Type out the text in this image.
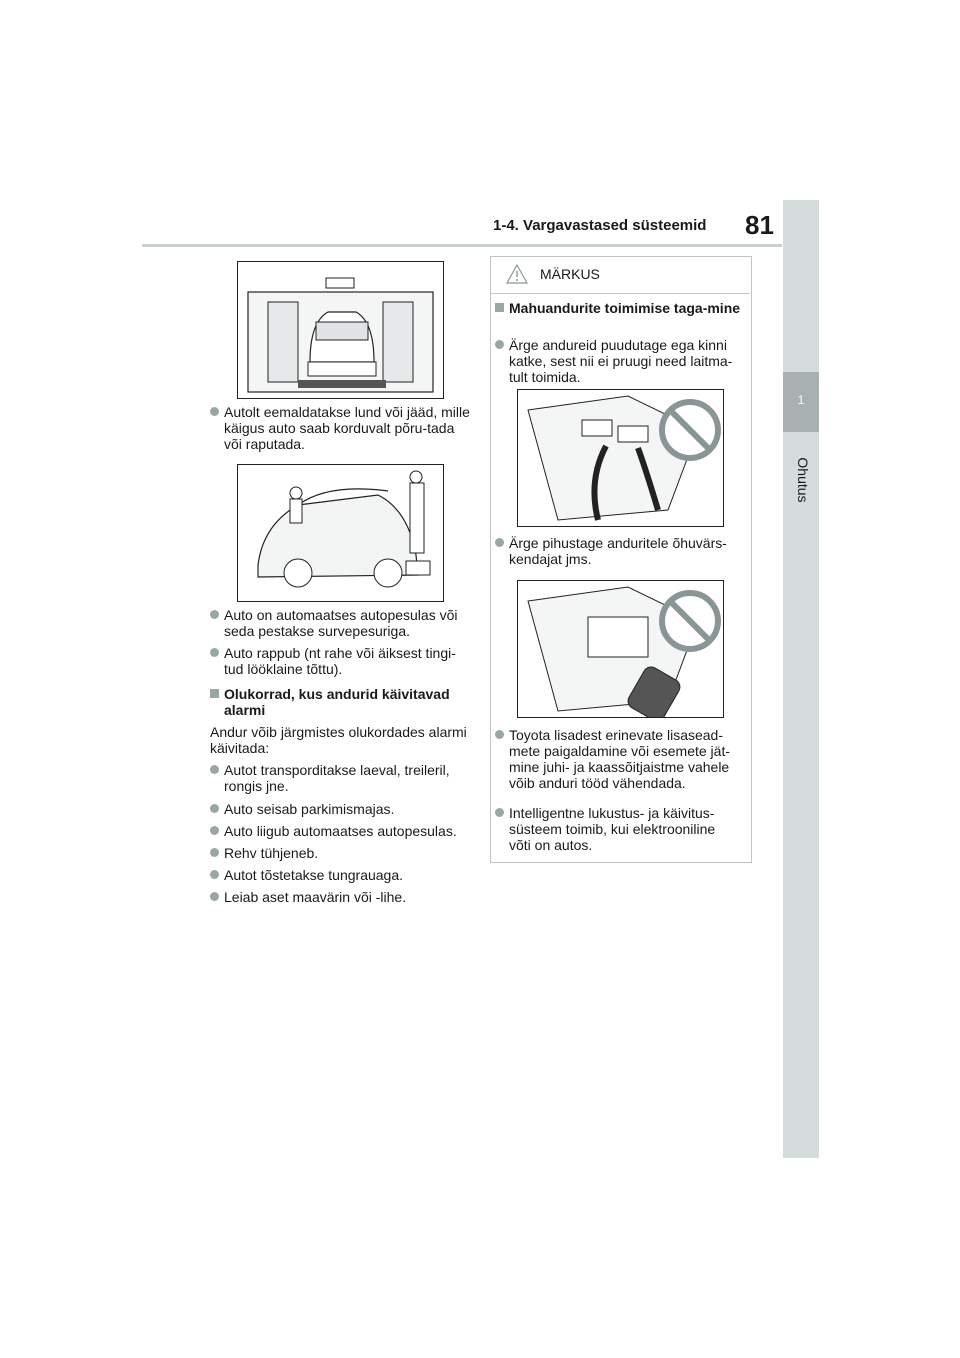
1-4. Vargavastased süsteemid 81
1
Ohutus
Autolt eemaldatakse lund või jääd, mille käigus auto saab korduvalt põru-tada või raputada.
Auto on automaatses autopesulas või seda pestakse survepesuriga.
Auto rappub (nt rahe või äiksest tingi-tud lööklaine tõttu).
Olukorrad, kus andurid käivitavad alarmi
Andur võib järgmistes olukordades alarmi käivitada:
Autot transporditakse laeval, treileril, rongis jne.
Auto seisab parkimismajas.
Auto liigub automaatses autopesulas.
Rehv tühjeneb.
Autot tõstetakse tungrauaga.
Leiab aset maavärin või -lihe.
MÄRKUS
Mahuandurite toimimise taga-mine
Ärge andureid puudutage ega kinni katke, sest nii ei pruugi need laitma-tult toimida.
Ärge pihustage anduritele õhuvärs-kendajat jms.
Toyota lisadest erinevate lisasead-mete paigaldamine või esemete jät-mine juhi- ja kaassõitjaistme vahele võib anduri tööd vähendada.
Intelligentne lukustus- ja käivitus-süsteem toimib, kui elektrooniline võti on autos.
